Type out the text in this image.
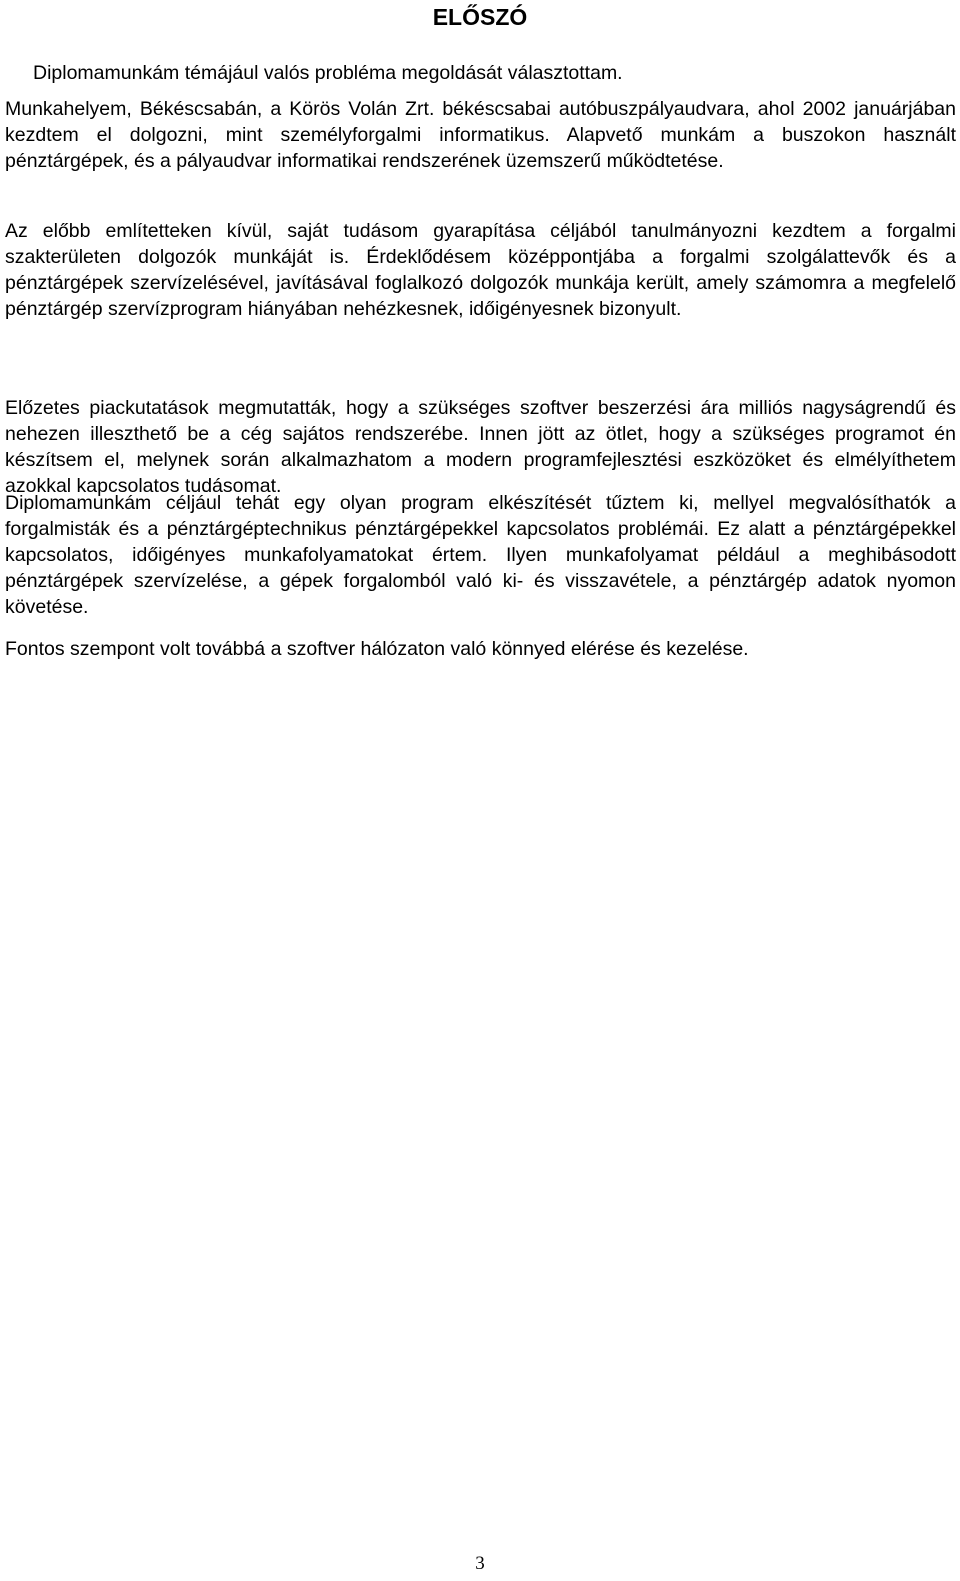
ELŐSZÓ

Diplomamunkám témájául valós probléma megoldását választottam.

Munkahelyem, Békéscsabán, a Körös Volán Zrt. békéscsabai autóbuszpályaudvara, ahol 2002 januárjában kezdtem el dolgozni, mint személyforgalmi informatikus. Alapvető munkám a buszokon használt pénztárgépek, és a pályaudvar informatikai rendszerének üzemszerű működtetése.

Az előbb említetteken kívül, saját tudásom gyarapítása céljából tanulmányozni kezdtem a forgalmi szakterületen dolgozók munkáját is. Érdeklődésem középpontjába a forgalmi szolgálattevők és a pénztárgépek szervízelésével, javításával foglalkozó dolgozók munkája került, amely számomra a megfelelő pénztárgép szervízprogram hiányában nehézkesnek, időigényesnek bizonyult.

Előzetes piackutatások megmutatták, hogy a szükséges szoftver beszerzési ára milliós nagyságrendű és nehezen illeszthető be a cég sajátos rendszerébe. Innen jött az ötlet, hogy a szükséges programot én készítsem el, melynek során alkalmazhatom a modern programfejlesztési eszközöket és elmélyíthetem azokkal kapcsolatos tudásomat.

Diplomamunkám céljául tehát egy olyan program elkészítését tűztem ki, mellyel megvalósíthatók a forgalmisták és a pénztárgéptechnikus pénztárgépekkel kapcsolatos problémái. Ez alatt a pénztárgépekkel kapcsolatos, időigényes munkafolyamatokat értem. Ilyen munkafolyamat például a meghibásodott pénztárgépek szervízelése, a gépek forgalomból való ki- és visszavétele, a pénztárgép adatok nyomon követése.

Fontos szempont volt továbbá a szoftver hálózaton való könnyed elérése és kezelése.

3
